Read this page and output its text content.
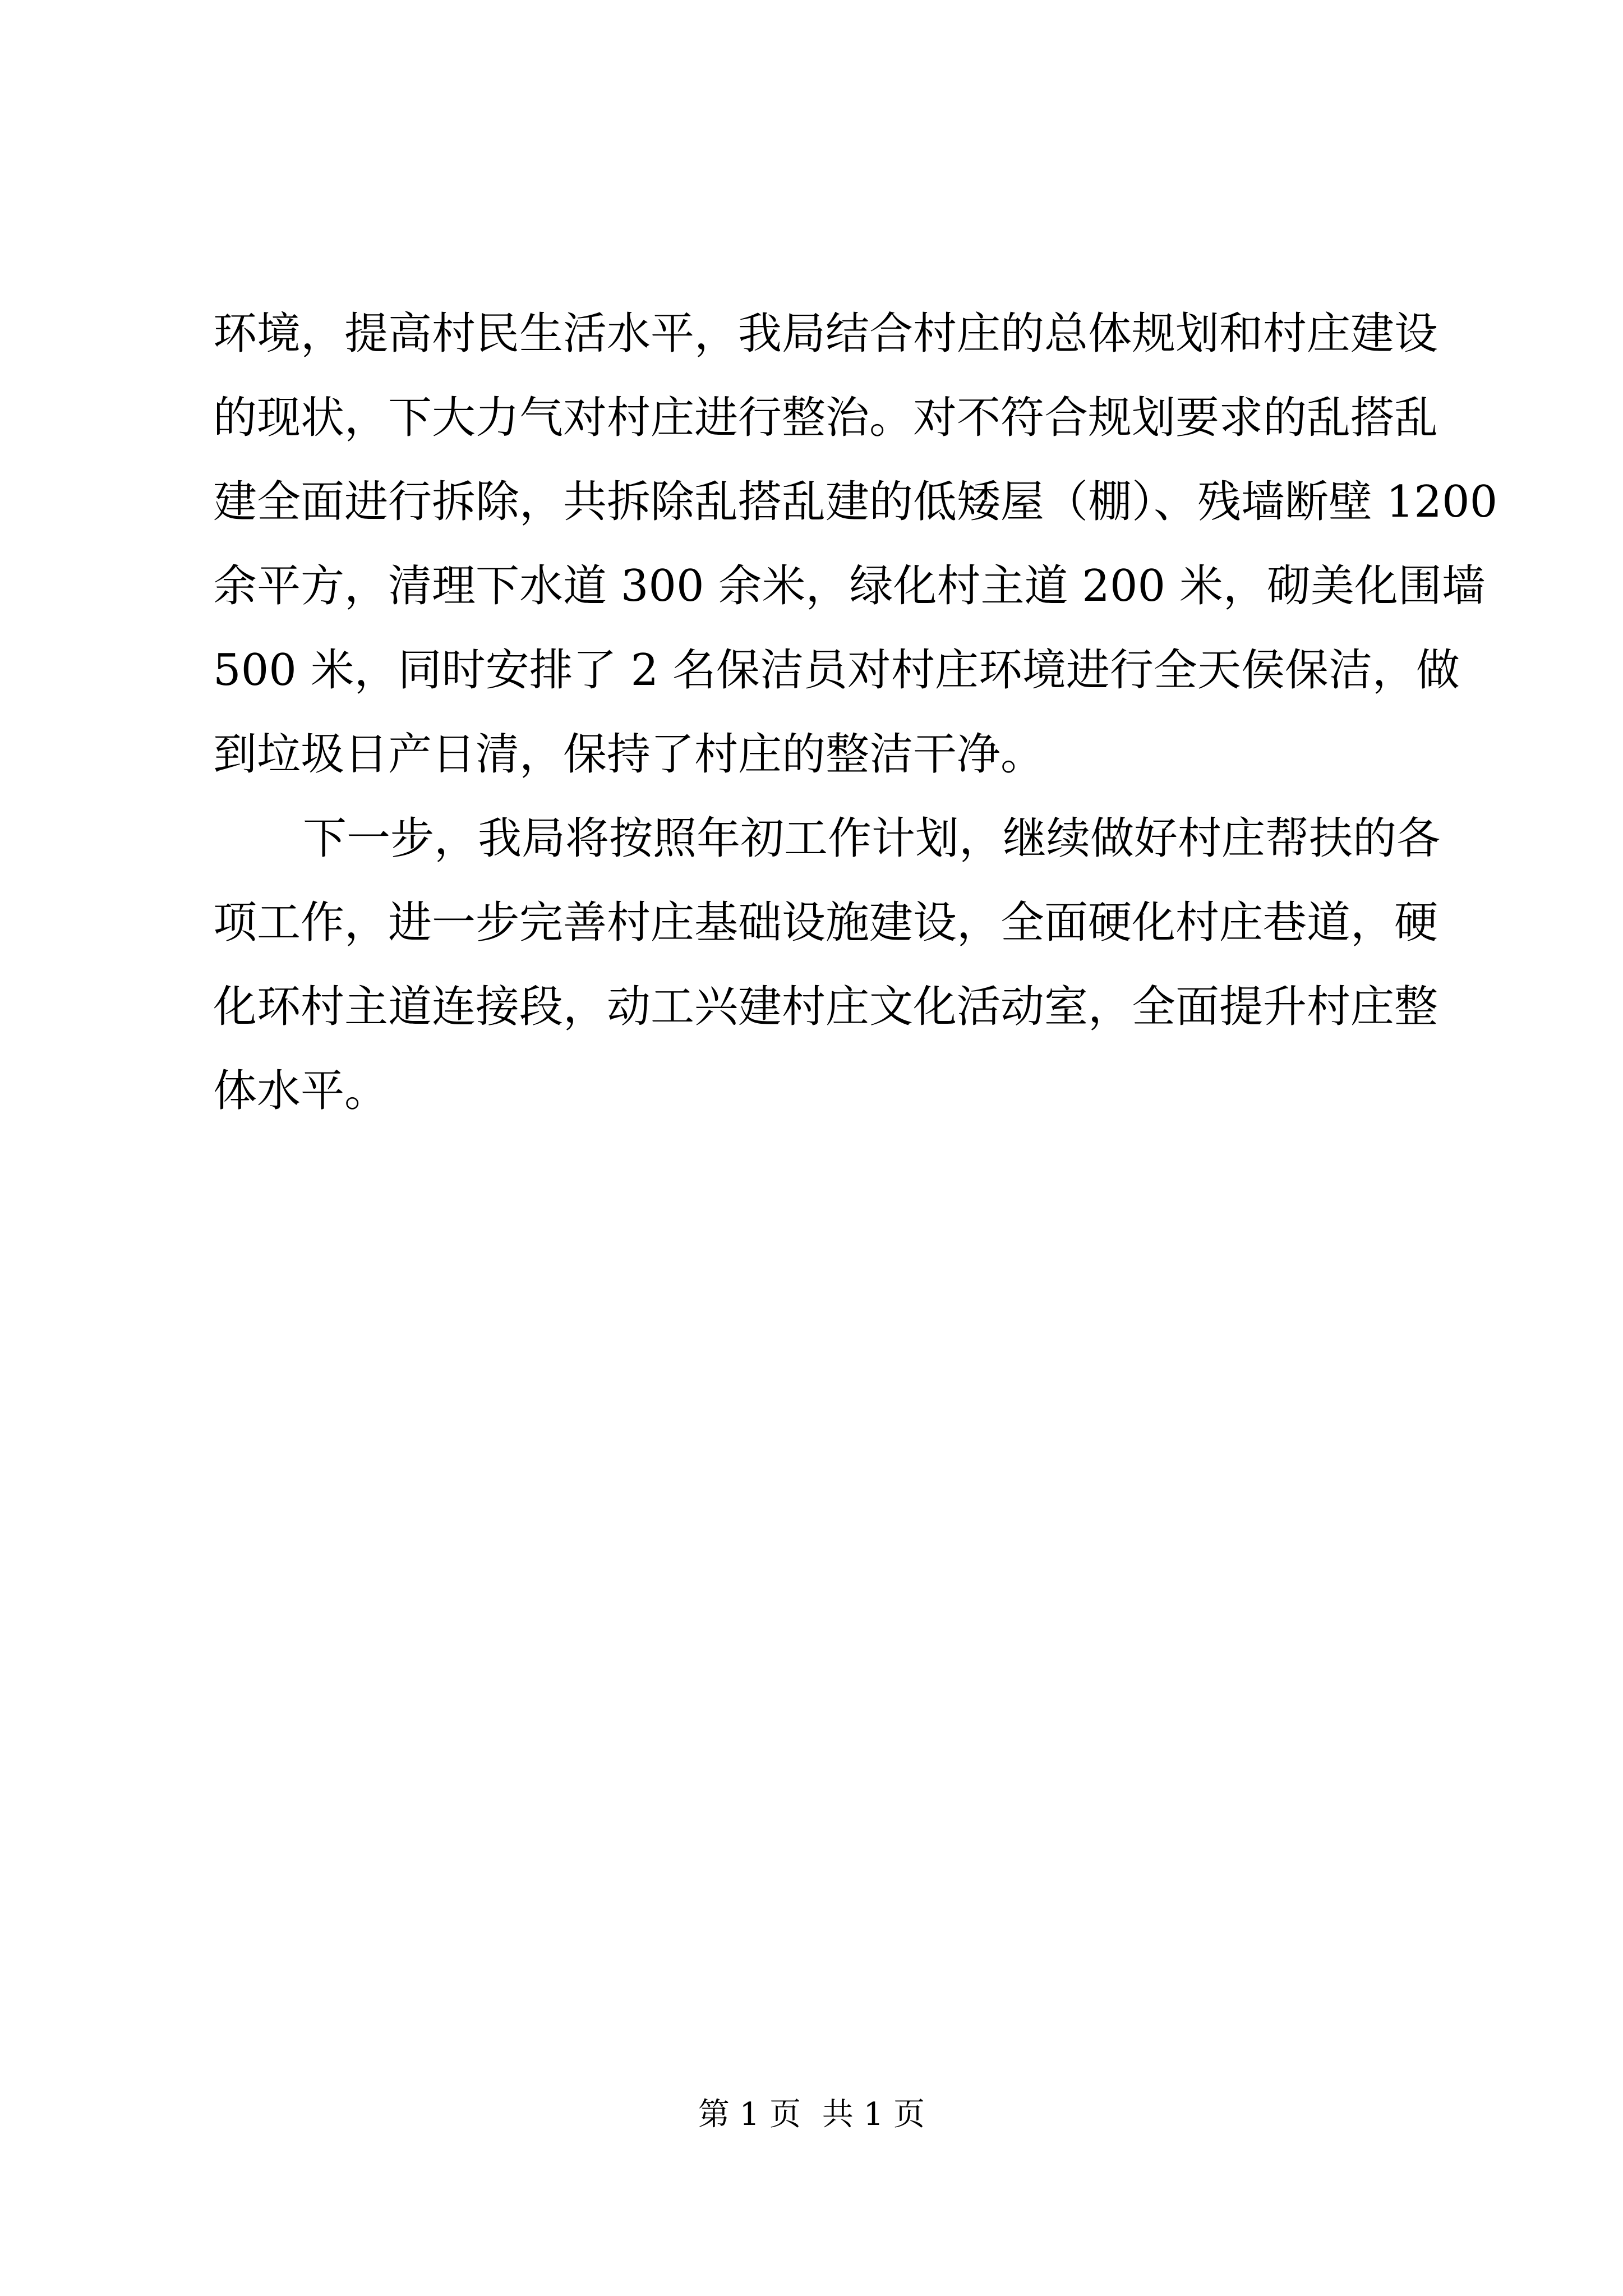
环境，提高村民生活水平，我局结合村庄的总体规划和村庄建设
的现状，下大力气对村庄进行整治。对不符合规划要求的乱搭乱
建全面进行拆除，共拆除乱搭乱建的低矮屋（棚）、残墙断壁 1200
余平方，清理下水道 300 余米，绿化村主道 200 米，砌美化围墙
500 米，同时安排了 2 名保洁员对村庄环境进行全天侯保洁，做
到垃圾日产日清，保持了村庄的整洁干净。
下一步，我局将按照年初工作计划，继续做好村庄帮扶的各
项工作，进一步完善村庄基础设施建设，全面硬化村庄巷道，硬
化环村主道连接段，动工兴建村庄文化活动室，全面提升村庄整
体水平。
第 1 页 共 1 页
